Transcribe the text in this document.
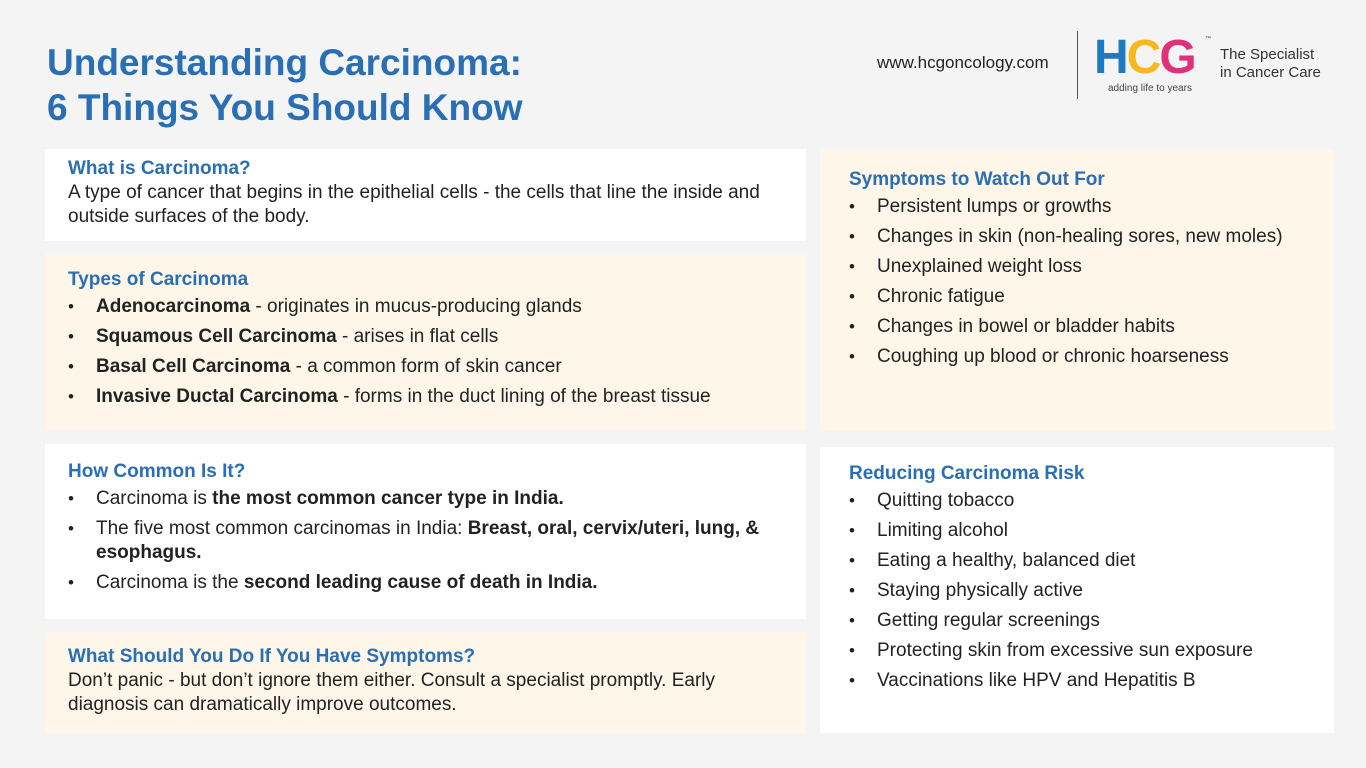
Understanding Carcinoma:
6 Things You Should Know
www.hcgoncology.com HCG	™
adding life to years
The Specialist
in Cancer Care
What is Carcinoma?

A type of cancer that begins in the epithelial cells - the cells that line the inside and outside surfaces of the body.

Types of Carcinoma
• Adenocarcinoma - originates in mucus-producing glands
• Squamous Cell Carcinoma - arises in flat cells
• Basal Cell Carcinoma - a common form of skin cancer
• Invasive Ductal Carcinoma - forms in the duct lining of the breast tissue
How Common Is It?
• Carcinoma is the most common cancer type in India.
• The five most common carcinomas in India: Breast, oral, cervix/uteri, lung, & esophagus.
• Carcinoma is the second leading cause of death in India.
What Should You Do If You Have Symptoms?

Don’t panic - but don’t ignore them either. Consult a specialist promptly. Early diagnosis can dramatically improve outcomes.

Symptoms to Watch Out For
• Persistent lumps or growths
• Changes in skin (non-healing sores, new moles)
• Unexplained weight loss
• Chronic fatigue
• Changes in bowel or bladder habits
• Coughing up blood or chronic hoarseness
Reducing Carcinoma Risk
• Quitting tobacco
• Limiting alcohol
• Eating a healthy, balanced diet
• Staying physically active
• Getting regular screenings
• Protecting skin from excessive sun exposure
• Vaccinations like HPV and Hepatitis B
